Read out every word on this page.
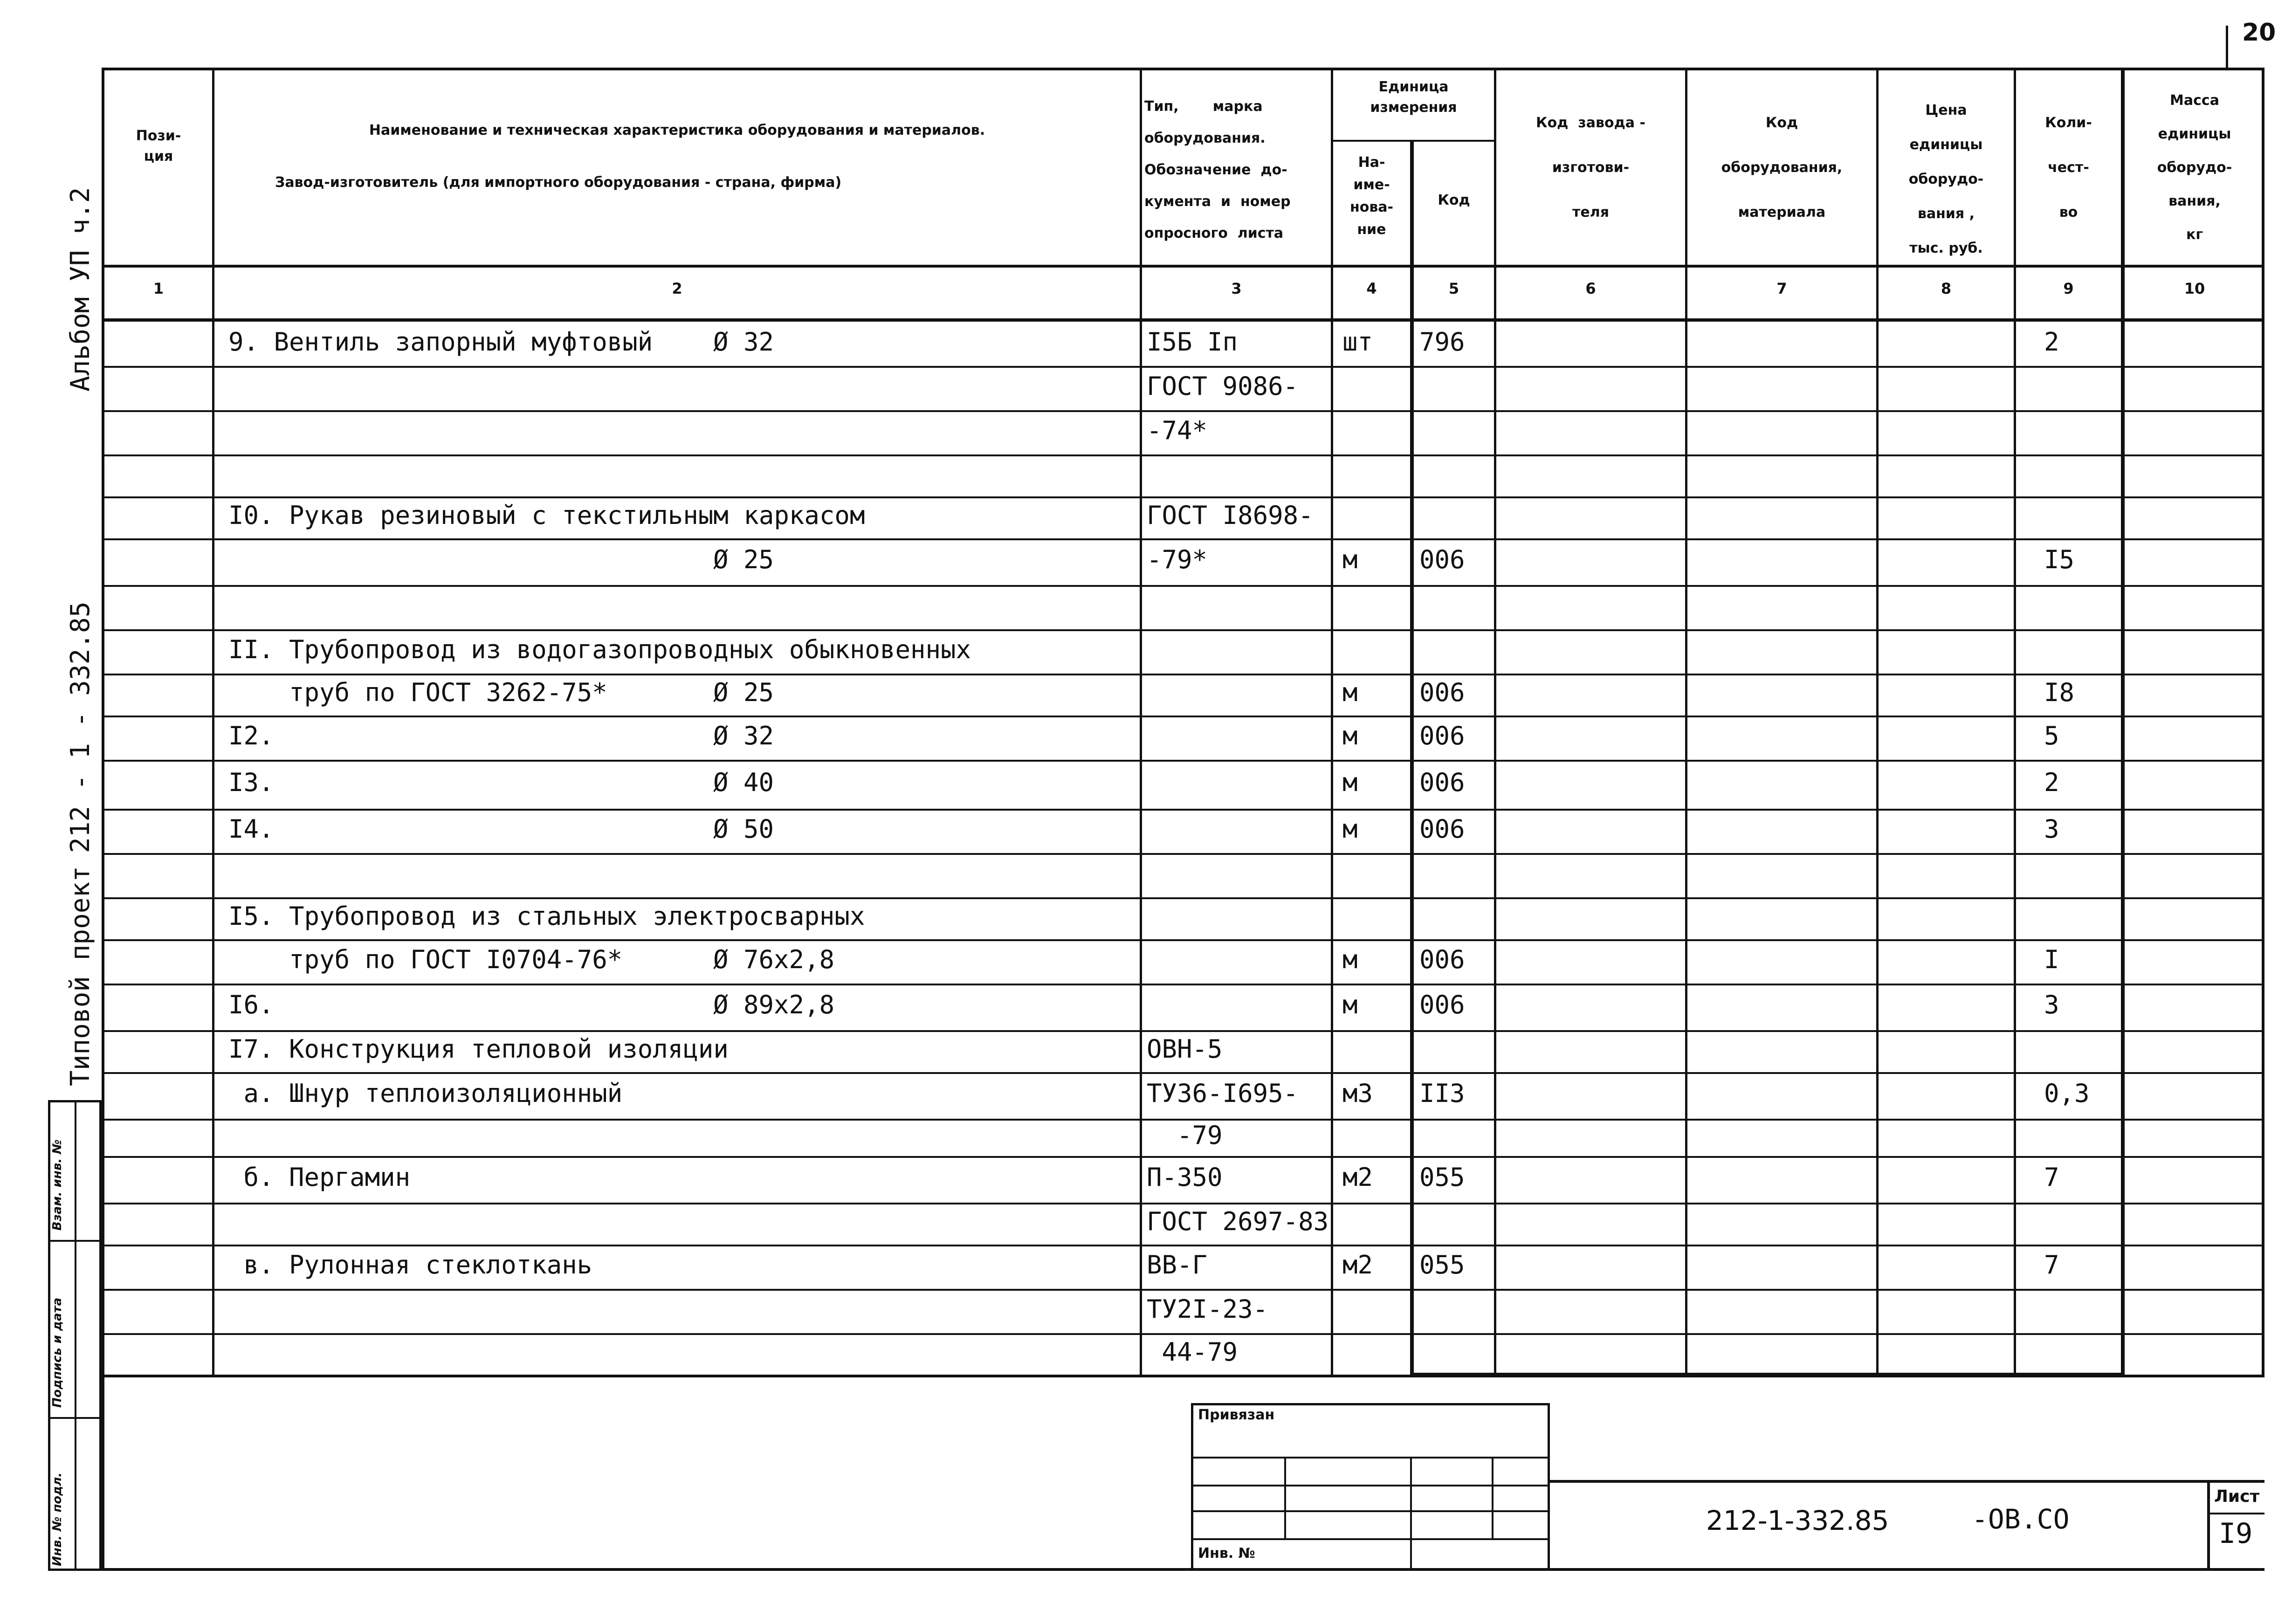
20
Альбом УП ч.2
212 - 1 - 332.85
Типовой проект
Взам. инв. №
Подпись и дата
Инв. № подл.
Пози-
ция
Наименование и техническая характеристика оборудования и материалов.
Завод-изготовитель (для импортного оборудования - страна, фирма)
Тип,       марка
оборудования.
Обозначение  до-
кумента  и  номер
опросного  листа
Единица
измерения
На-
име-
нова-
ние
Код
Код  завода -

изготови-

теля
Код

оборудования,

материала
Цена
единицы
оборудо-
вания ,
тыс. руб.
Коли-

чест-

во
Масса
единицы
оборудо-
вания,
кг
1	2	3	4	5	6	7	8	9	10
9. Вентиль запорный муфтовый Ø 32	I5Б Iп	шт 796	2
ГОСТ 9086-
-74*
I0. Рукав резиновый с текстильным каркасом	ГОСТ I8698-
Ø 25	-79*	м 006	I5
II. Трубопровод из водогазопроводных обыкновенных
труб по ГОСТ 3262-75*	Ø 25	м 006	I8
I2.	Ø 32	м 006	5
I3.	Ø 40	м 006	2
I4.	Ø 50	м 006	3
I5. Трубопровод из стальных электросварных
труб по ГОСТ I0704-76*	Ø 76х2,8	м 006	I
I6.	Ø 89х2,8	м 006	3
I7. Конструкция тепловой изоляции	ОВН-5
а. Шнур теплоизоляционный	ТУ36-I695- м3 II3	0,3
-79
б. Пергамин	П-350	м2 055	7
ГОСТ 2697-83
в. Рулонная стеклоткань	ВВ-Г	м2 055	7
ТУ2I-23-
44-79
Привязан
Инв. №
212-1-332.85	-ОВ.СО
Лист
I9
